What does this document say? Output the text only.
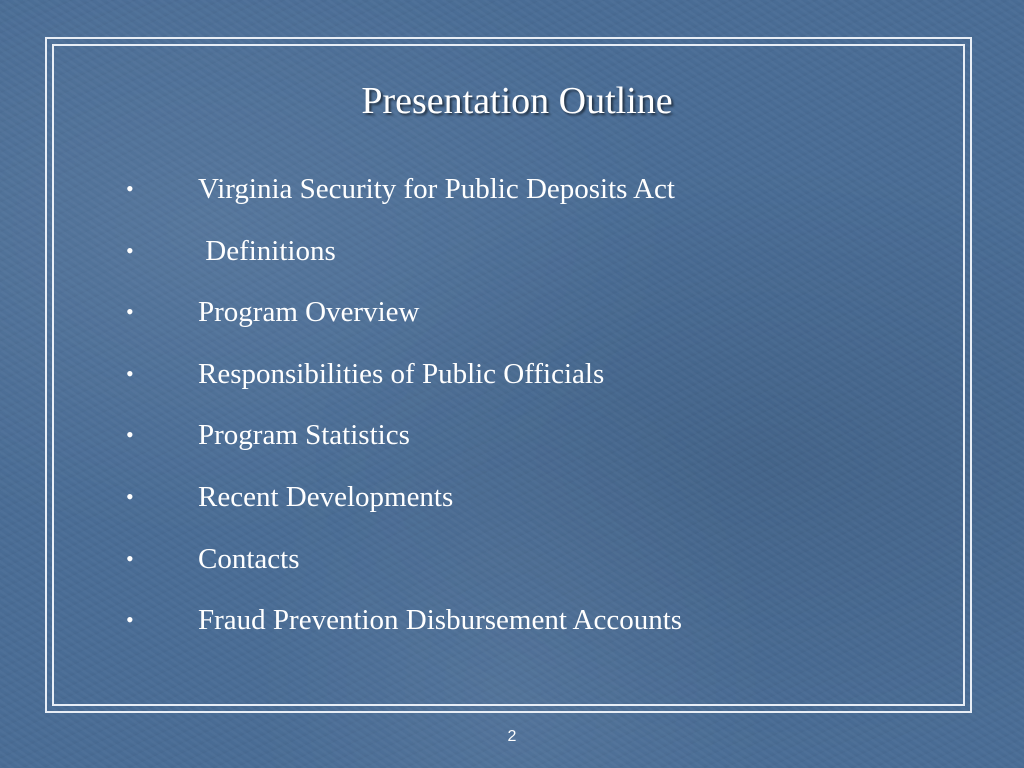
Presentation Outline
•	Virginia Security for Public Deposits Act
•	Definitions
•	Program Overview
•	Responsibilities of Public Officials
•	Program Statistics
•	Recent Developments
•	Contacts
•	Fraud Prevention Disbursement Accounts
2
